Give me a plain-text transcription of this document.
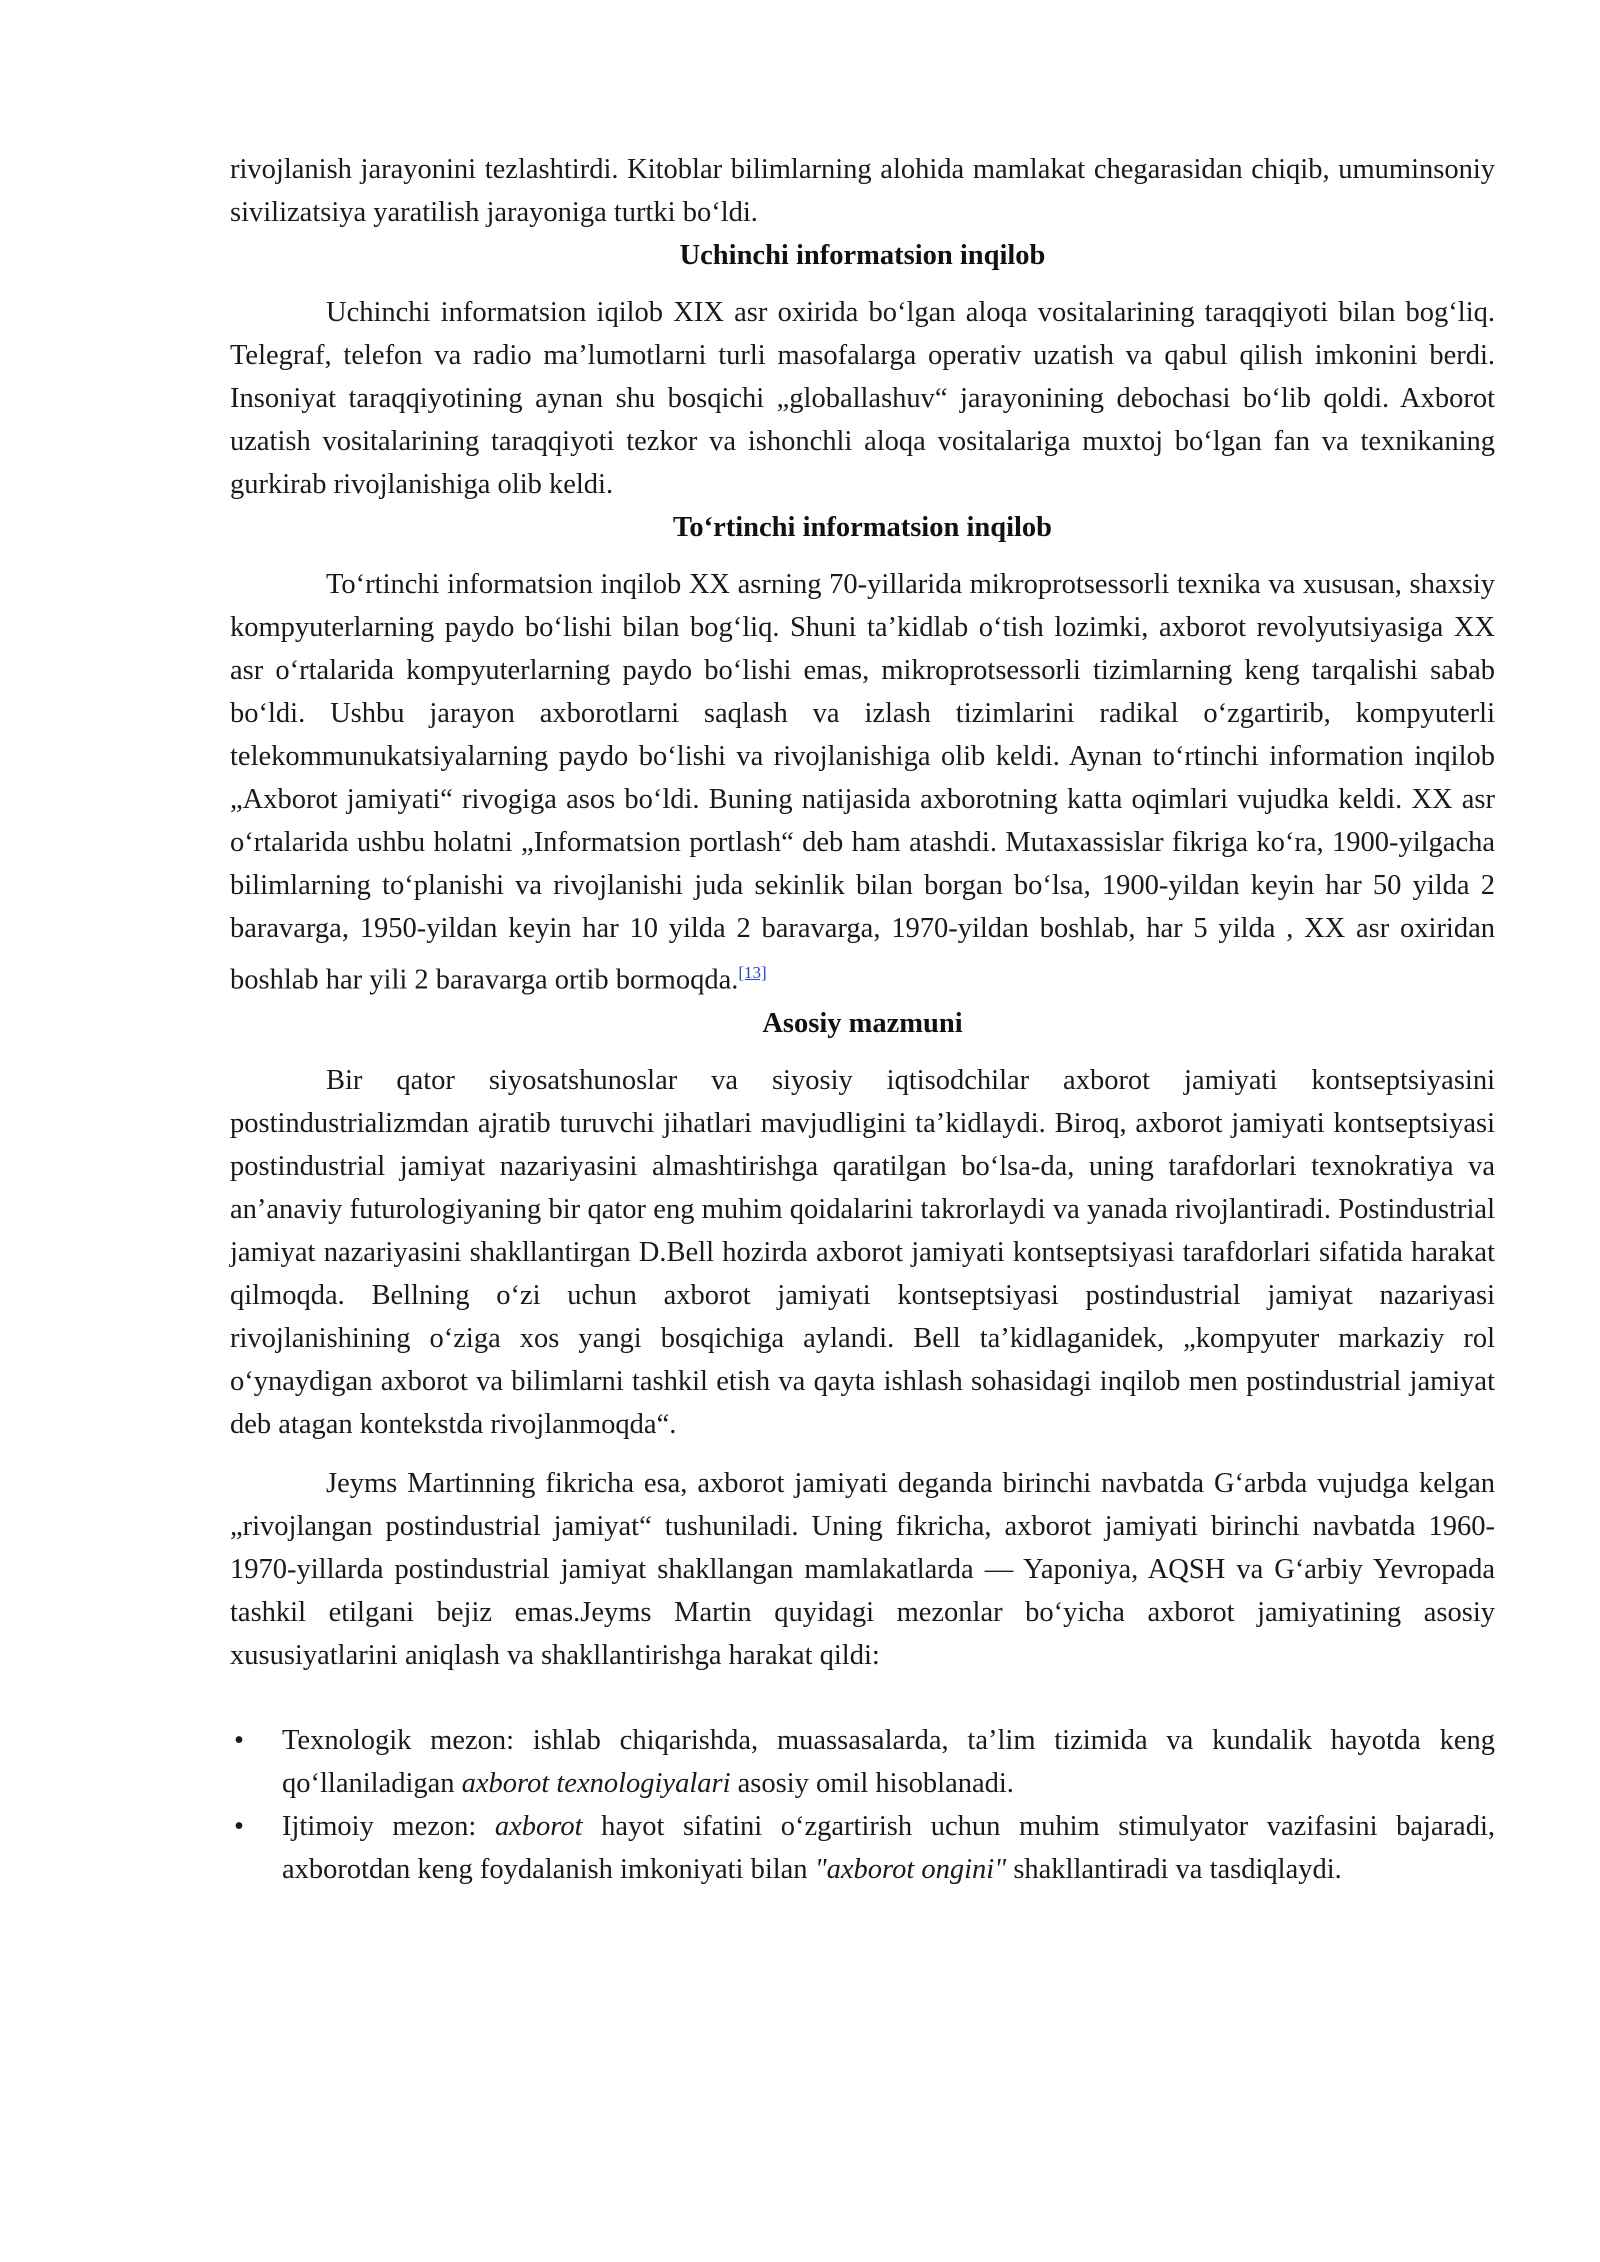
rivojlanish jarayonini tezlashtirdi. Kitoblar bilimlarning alohida mamlakat chegarasidan chiqib, umuminsoniy sivilizatsiya yaratilish jarayoniga turtki bo‘ldi.

Uchinchi informatsion inqilob

Uchinchi informatsion iqilob XIX asr oxirida bo‘lgan aloqa vositalarining taraqqiyoti bilan bog‘liq. Telegraf, telefon va radio ma’lumotlarni turli masofalarga operativ uzatish va qabul qilish imkonini berdi. Insoniyat taraqqiyotining aynan shu bosqichi „globallashuv“ jarayonining debochasi bo‘lib qoldi. Axborot uzatish vositalarining taraqqiyoti tezkor va ishonchli aloqa vositalariga muxtoj bo‘lgan fan va texnikaning gurkirab rivojlanishiga olib keldi.

To‘rtinchi informatsion inqilob

To‘rtinchi informatsion inqilob XX asrning 70-yillarida mikroprotsessorli texnika va xususan, shaxsiy kompyuterlarning paydo bo‘lishi bilan bog‘liq. Shuni ta’kidlab o‘tish lozimki, axborot revolyutsiyasiga XX asr o‘rtalarida kompyuterlarning paydo bo‘lishi emas, mikroprotsessorli tizimlarning keng tarqalishi sabab bo‘ldi. Ushbu jarayon axborotlarni saqlash va izlash tizimlarini radikal o‘zgartirib, kompyuterli telekommunukatsiyalarning paydo bo‘lishi va rivojlanishiga olib keldi. Aynan to‘rtinchi information inqilob „Axborot jamiyati“ rivogiga asos bo‘ldi. Buning natijasida axborotning katta oqimlari vujudka keldi. XX asr o‘rtalarida ushbu holatni „Informatsion portlash“ deb ham atashdi. Mutaxassislar fikriga ko‘ra, 1900-yilgacha bilimlarning to‘planishi va rivojlanishi juda sekinlik bilan borgan bo‘lsa, 1900-yildan keyin har 50 yilda 2 baravarga, 1950-yildan keyin har 10 yilda 2 baravarga, 1970-yildan boshlab, har 5 yilda , XX asr oxiridan boshlab har yili 2 baravarga ortib bormoqda.[13]

Asosiy mazmuni

Bir qator siyosatshunoslar va siyosiy iqtisodchilar axborot jamiyati kontseptsiyasini postindustrializmdan ajratib turuvchi jihatlari mavjudligini ta’kidlaydi. Biroq, axborot jamiyati kontseptsiyasi postindustrial jamiyat nazariyasini almashtirishga qaratilgan bo‘lsa-da, uning tarafdorlari texnokratiya va an’anaviy futurologiyaning bir qator eng muhim qoidalarini takrorlaydi va yanada rivojlantiradi. Postindustrial jamiyat nazariyasini shakllantirgan D.Bell hozirda axborot jamiyati kontseptsiyasi tarafdorlari sifatida harakat qilmoqda. Bellning o‘zi uchun axborot jamiyati kontseptsiyasi postindustrial jamiyat nazariyasi rivojlanishining o‘ziga xos yangi bosqichiga aylandi. Bell ta’kidlaganidek, „kompyuter markaziy rol o‘ynaydigan axborot va bilimlarni tashkil etish va qayta ishlash sohasidagi inqilob men postindustrial jamiyat deb atagan kontekstda rivojlanmoqda“.

Jeyms Martinning fikricha esa, axborot jamiyati deganda birinchi navbatda G‘arbda vujudga kelgan „rivojlangan postindustrial jamiyat“ tushuniladi. Uning fikricha, axborot jamiyati birinchi navbatda 1960-1970-yillarda postindustrial jamiyat shakllangan mamlakatlarda — Yaponiya, AQSH va G‘arbiy Yevropada tashkil etilgani bejiz emas.Jeyms Martin quyidagi mezonlar bo‘yicha axborot jamiyatining asosiy xususiyatlarini aniqlash va shakllantirishga harakat qildi:

• Texnologik mezon: ishlab chiqarishda, muassasalarda, ta’lim tizimida va kundalik hayotda keng qo‘llaniladigan axborot texnologiyalari asosiy omil hisoblanadi.
• Ijtimoiy mezon: axborot hayot sifatini o‘zgartirish uchun muhim stimulyator vazifasini bajaradi, axborotdan keng foydalanish imkoniyati bilan "axborot ongini" shakllantiradi va tasdiqlaydi.
